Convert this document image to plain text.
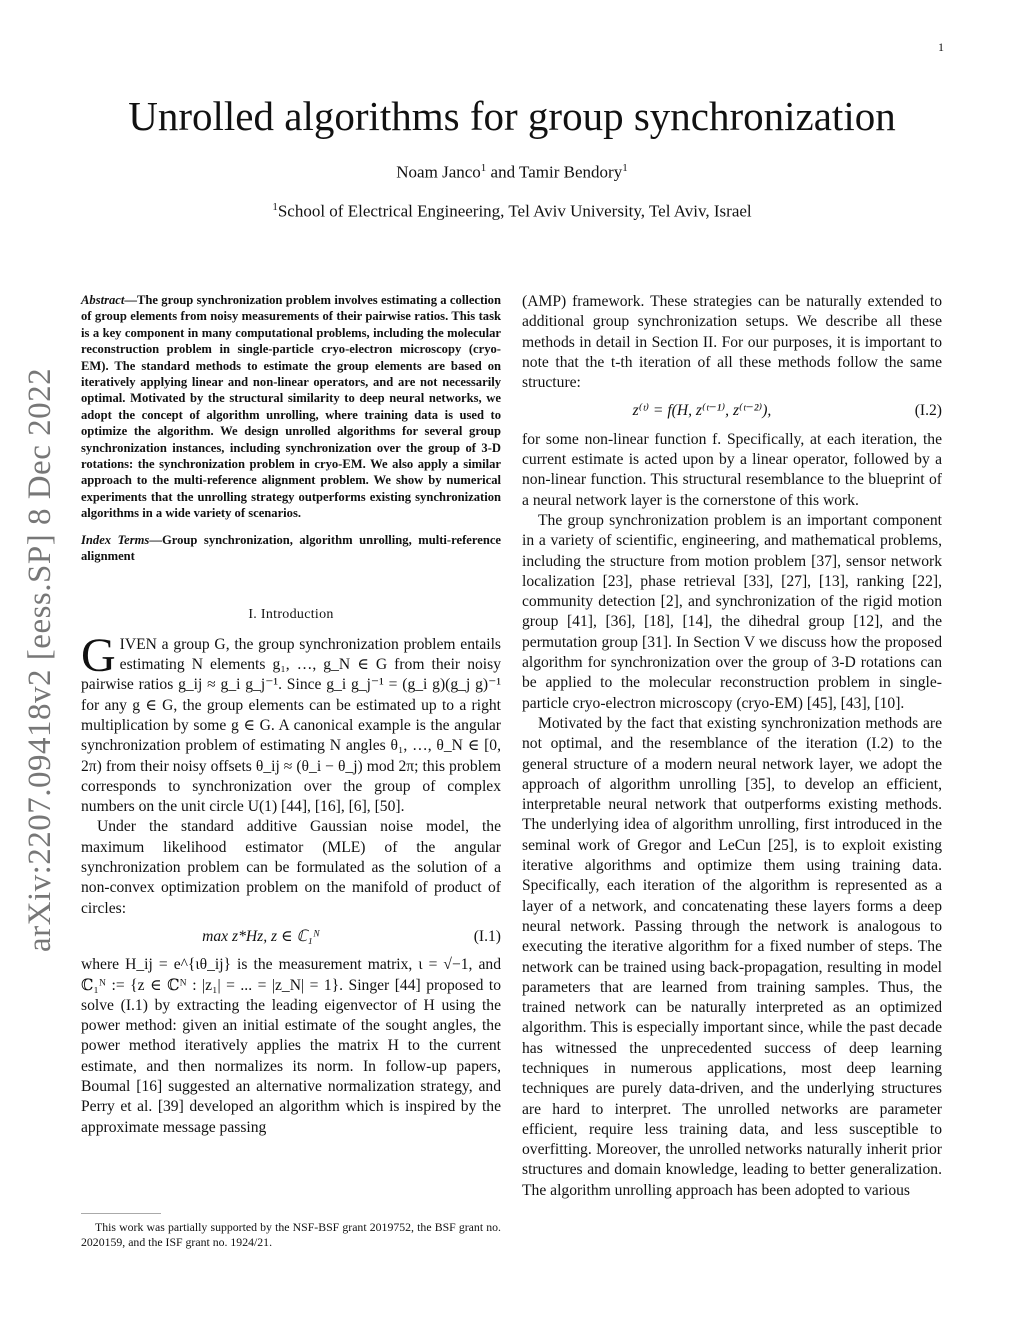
1
arXiv:2207.09418v2 [eess.SP] 8 Dec 2022
Unrolled algorithms for group synchronization
Noam Janco$^1$ and Tamir Bendory$^1$
$^1$School of Electrical Engineering, Tel Aviv University, Tel Aviv, Israel
Abstract—The group synchronization problem involves estimating a collection of group elements from noisy measurements of their pairwise ratios. This task is a key component in many computational problems, including the molecular reconstruction problem in single-particle cryo-electron microscopy (cryo-EM). The standard methods to estimate the group elements are based on iteratively applying linear and non-linear operators, and are not necessarily optimal. Motivated by the structural similarity to deep neural networks, we adopt the concept of algorithm unrolling, where training data is used to optimize the algorithm. We design unrolled algorithms for several group synchronization instances, including synchronization over the group of 3-D rotations: the synchronization problem in cryo-EM. We also apply a similar approach to the multi-reference alignment problem. We show by numerical experiments that the unrolling strategy outperforms existing synchronization algorithms in a wide variety of scenarios.
Index Terms—Group synchronization, algorithm unrolling, multi-reference alignment
I. Introduction

GIVEN a group G, the group synchronization problem entails estimating N elements g₁, …, g_N ∈ G from their noisy pairwise ratios g_ij ≈ g_i g_j⁻¹. Since g_i g_j⁻¹ = (g_i g)(g_j g)⁻¹ for any g ∈ G, the group elements can be estimated up to a right multiplication by some g ∈ G. A canonical example is the angular synchronization problem of estimating N angles θ₁, …, θ_N ∈ [0, 2π) from their noisy offsets θ_ij ≈ (θ_i − θ_j) mod 2π; this problem corresponds to synchronization over the group of complex numbers on the unit circle U(1) [44], [16], [6], [50].

Under the standard additive Gaussian noise model, the maximum likelihood estimator (MLE) of the angular synchronization problem can be formulated as the solution of a non-convex optimization problem on the manifold of product of circles:

max z*Hz, z ∈ ℂ₁ᴺ	(I.1)

where H_ij = e^{ιθ_ij} is the measurement matrix, ι = √−1, and ℂ₁ᴺ := {z ∈ ℂᴺ : |z₁| = ... = |z_N| = 1}. Singer [44] proposed to solve (I.1) by extracting the leading eigenvector of H using the power method: given an initial estimate of the sought angles, the power method iteratively applies the matrix H to the current estimate, and then normalizes its norm. In follow-up papers, Boumal [16] suggested an alternative normalization strategy, and Perry et al. [39] developed an algorithm which is inspired by the approximate message passing

This work was partially supported by the NSF-BSF grant 2019752, the BSF grant no. 2020159, and the ISF grant no. 1924/21.

(AMP) framework. These strategies can be naturally extended to additional group synchronization setups. We describe all these methods in detail in Section II. For our purposes, it is important to note that the t-th iteration of all these methods follow the same structure:

z⁽ᵗ⁾ = f(H, z⁽ᵗ⁻¹⁾, z⁽ᵗ⁻²⁾),	(I.2)

for some non-linear function f. Specifically, at each iteration, the current estimate is acted upon by a linear operator, followed by a non-linear function. This structural resemblance to the blueprint of a neural network layer is the cornerstone of this work.

The group synchronization problem is an important component in a variety of scientific, engineering, and mathematical problems, including the structure from motion problem [37], sensor network localization [23], phase retrieval [33], [27], [13], ranking [22], community detection [2], and synchronization of the rigid motion group [41], [36], [18], [14], the dihedral group [12], and the permutation group [31]. In Section V we discuss how the proposed algorithm for synchronization over the group of 3-D rotations can be applied to the molecular reconstruction problem in single-particle cryo-electron microscopy (cryo-EM) [45], [43], [10].

Motivated by the fact that existing synchronization methods are not optimal, and the resemblance of the iteration (I.2) to the general structure of a modern neural network layer, we adopt the approach of algorithm unrolling [35], to develop an efficient, interpretable neural network that outperforms existing methods. The underlying idea of algorithm unrolling, first introduced in the seminal work of Gregor and LeCun [25], is to exploit existing iterative algorithms and optimize them using training data. Specifically, each iteration of the algorithm is represented as a layer of a network, and concatenating these layers forms a deep neural network. Passing through the network is analogous to executing the iterative algorithm for a fixed number of steps. The network can be trained using back-propagation, resulting in model parameters that are learned from training samples. Thus, the trained network can be naturally interpreted as an optimized algorithm. This is especially important since, while the past decade has witnessed the unprecedented success of deep learning techniques in numerous applications, most deep learning techniques are purely data-driven, and the underlying structures are hard to interpret. The unrolled networks are parameter efficient, require less training data, and less susceptible to overfitting. Moreover, the unrolled networks naturally inherit prior structures and domain knowledge, leading to better generalization. The algorithm unrolling approach has been adopted to various
